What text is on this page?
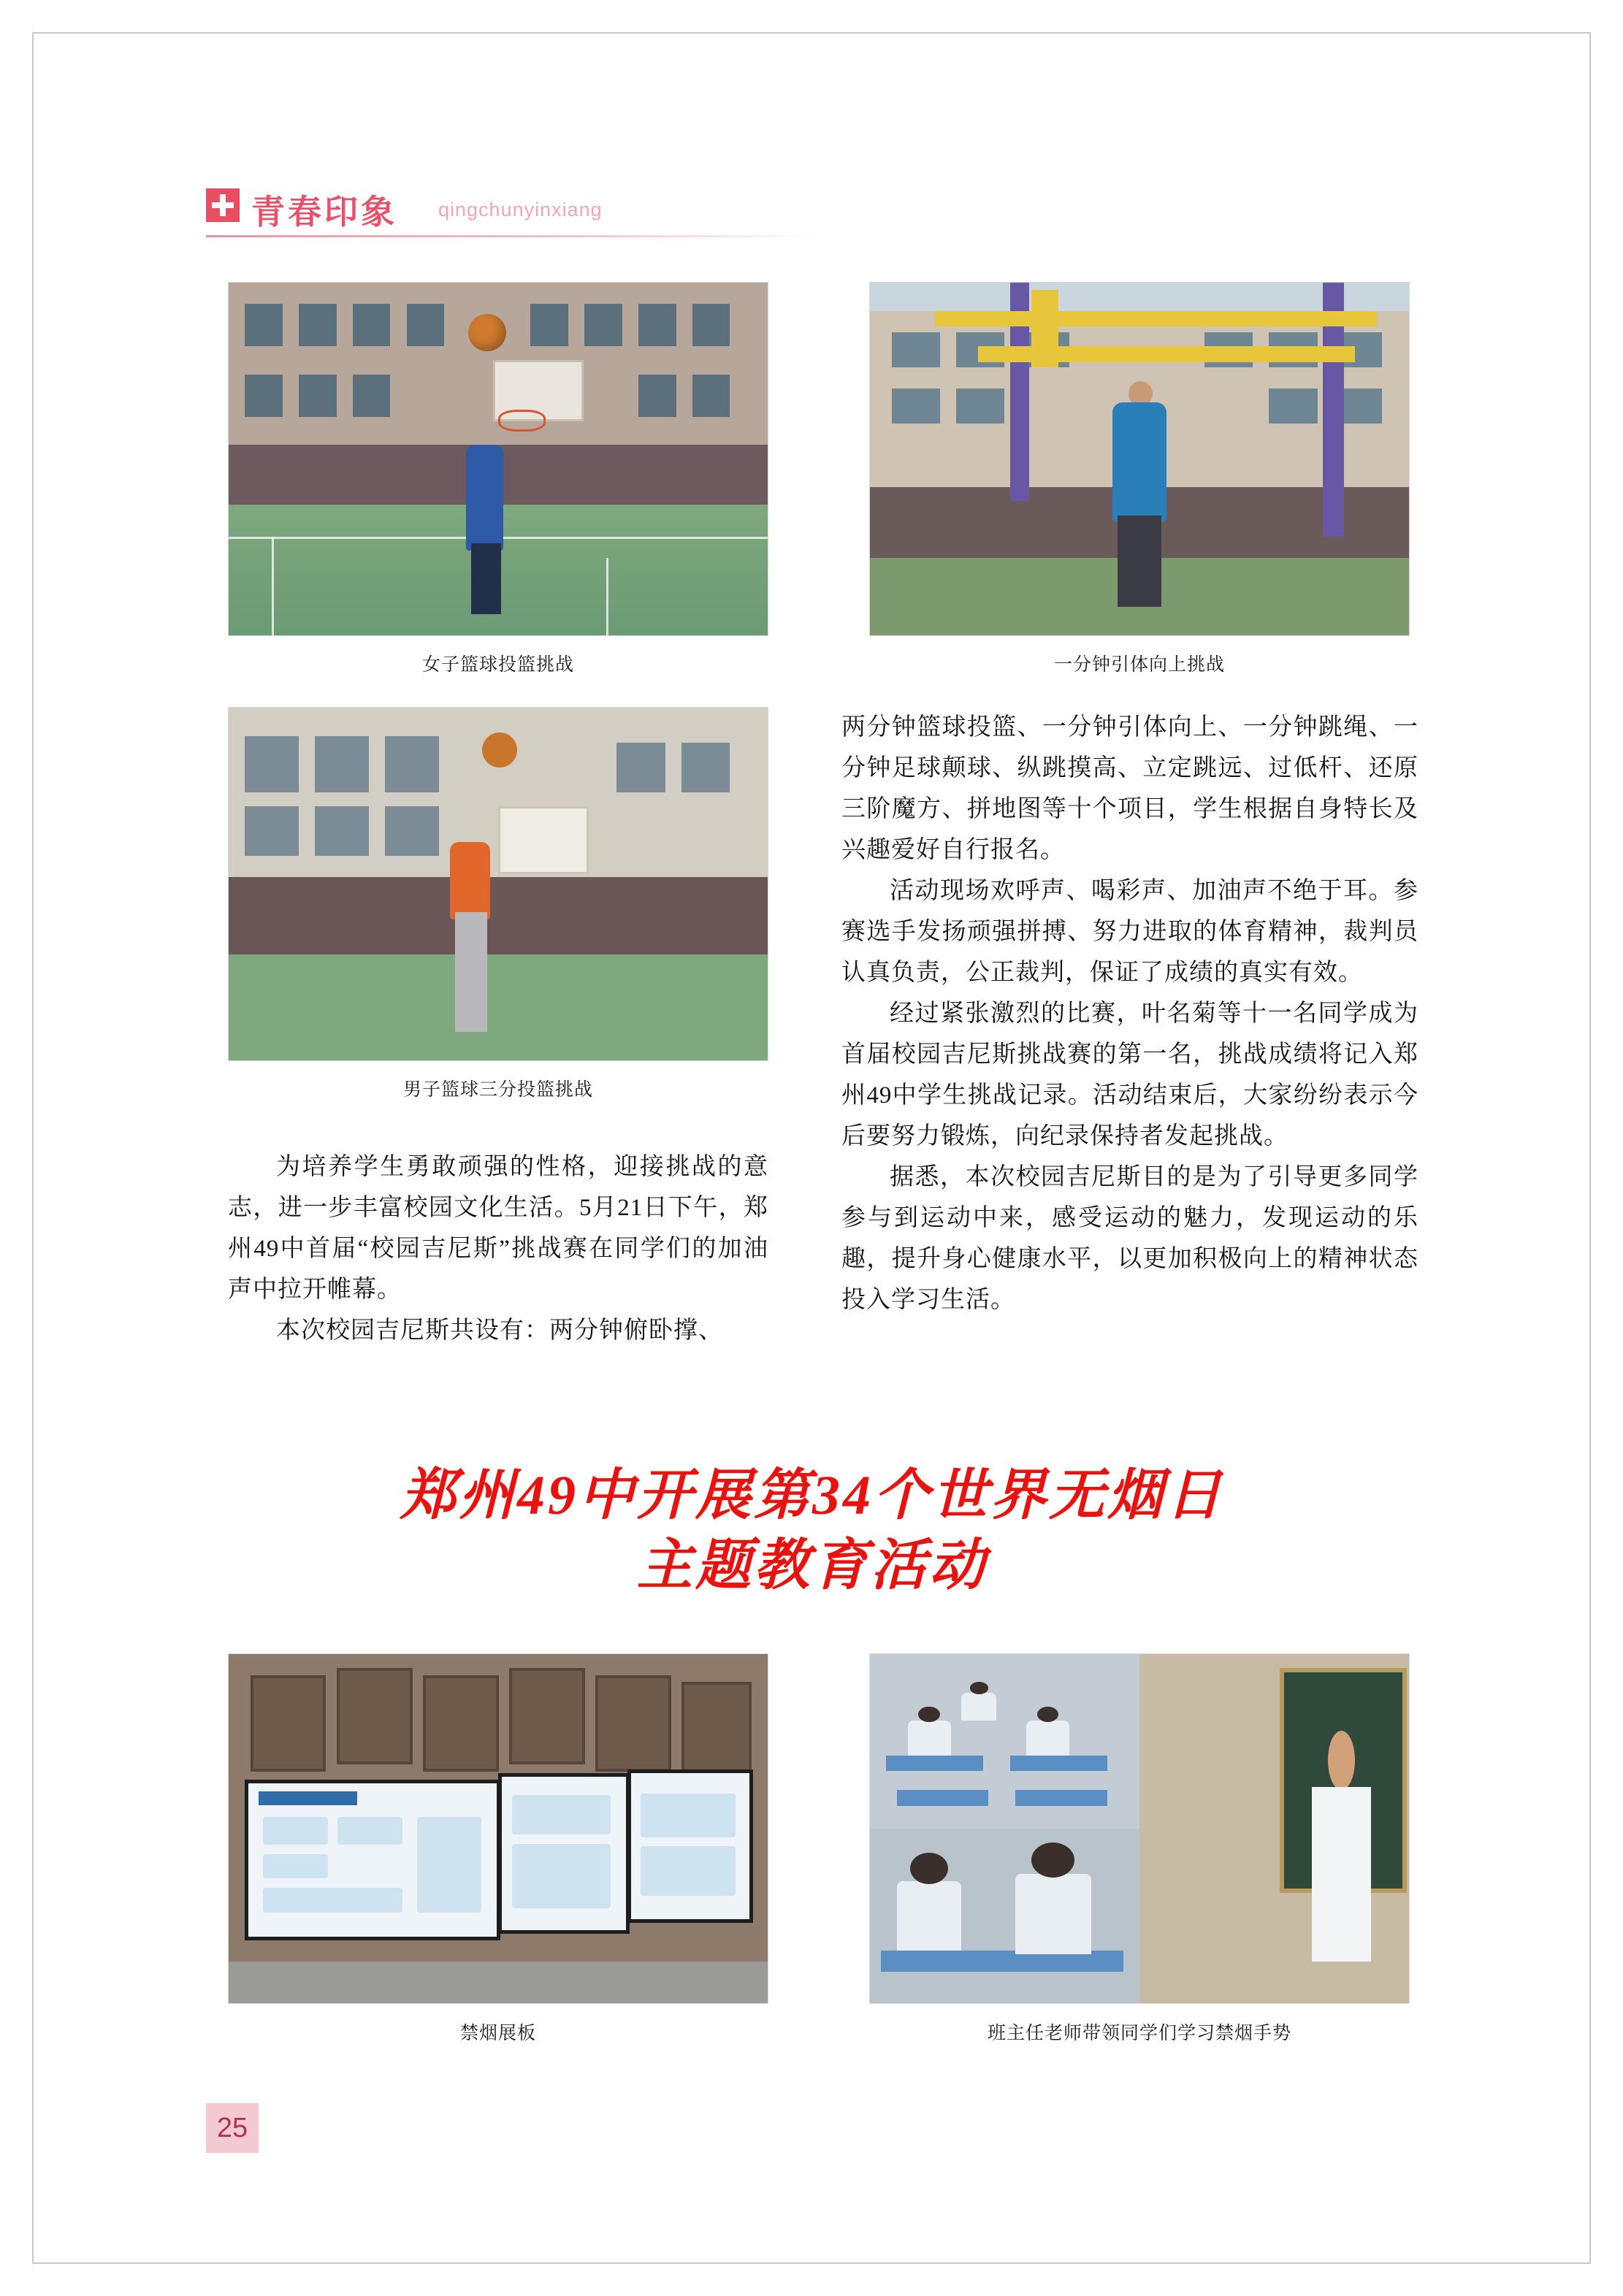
青春印象 qingchunyinxiang
女子篮球投篮挑战	一分钟引体向上挑战
男子篮球三分投篮挑战

为培养学生勇敢顽强的性格，迎接挑战的意志，进一步丰富校园文化生活。5月21日下午，郑州49中首届“校园吉尼斯”挑战赛在同学们的加油声中拉开帷幕。

本次校园吉尼斯共设有：两分钟俯卧撑、

两分钟篮球投篮、一分钟引体向上、一分钟跳绳、一分钟足球颠球、纵跳摸高、立定跳远、过低杆、还原三阶魔方、拼地图等十个项目，学生根据自身特长及兴趣爱好自行报名。

活动现场欢呼声、喝彩声、加油声不绝于耳。参赛选手发扬顽强拼搏、努力进取的体育精神，裁判员认真负责，公正裁判，保证了成绩的真实有效。

经过紧张激烈的比赛，叶名菊等十一名同学成为首届校园吉尼斯挑战赛的第一名，挑战成绩将记入郑州49中学生挑战记录。活动结束后，大家纷纷表示今后要努力锻炼，向纪录保持者发起挑战。

据悉，本次校园吉尼斯目的是为了引导更多同学参与到运动中来，感受运动的魅力，发现运动的乐趣，提升身心健康水平，以更加积极向上的精神状态投入学习生活。

郑州49中开展第34个世界无烟日
主题教育活动
禁烟展板	班主任老师带领同学们学习禁烟手势
25
